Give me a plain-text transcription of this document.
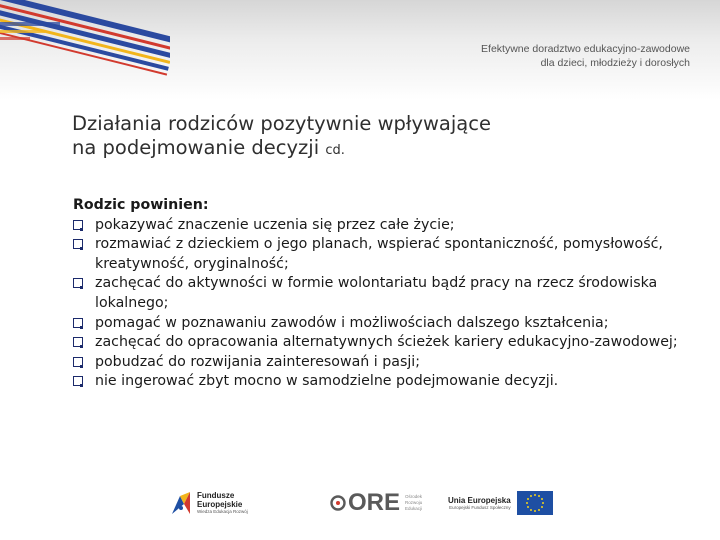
Efektywne doradztwo edukacyjno-zawodowe
dla dzieci, młodzieży i dorosłych
Działania rodziców pozytywnie wpływające
na podejmowanie decyzji cd.
Rodzic powinien:
pokazywać znaczenie uczenia się przez całe życie;
rozmawiać z dzieckiem o jego planach, wspierać spontaniczność, pomysłowość, kreatywność, oryginalność;
zachęcać do aktywności w formie wolontariatu bądź pracy na rzecz środowiska lokalnego;
pomagać w poznawaniu zawodów i możliwościach dalszego kształcenia;
zachęcać do opracowania alternatywnych ścieżek kariery edukacyjno-zawodowej;
pobudzać do rozwijania zainteresowań i pasji;
nie ingerować zbyt mocno w samodzielne podejmowanie decyzji.
Fundusze
Europejskie
Wiedza Edukacja Rozwój	ORE Ośrodek
Rozwoju
Edukacji
Unia Europejska
Europejski Fundusz Społeczny
